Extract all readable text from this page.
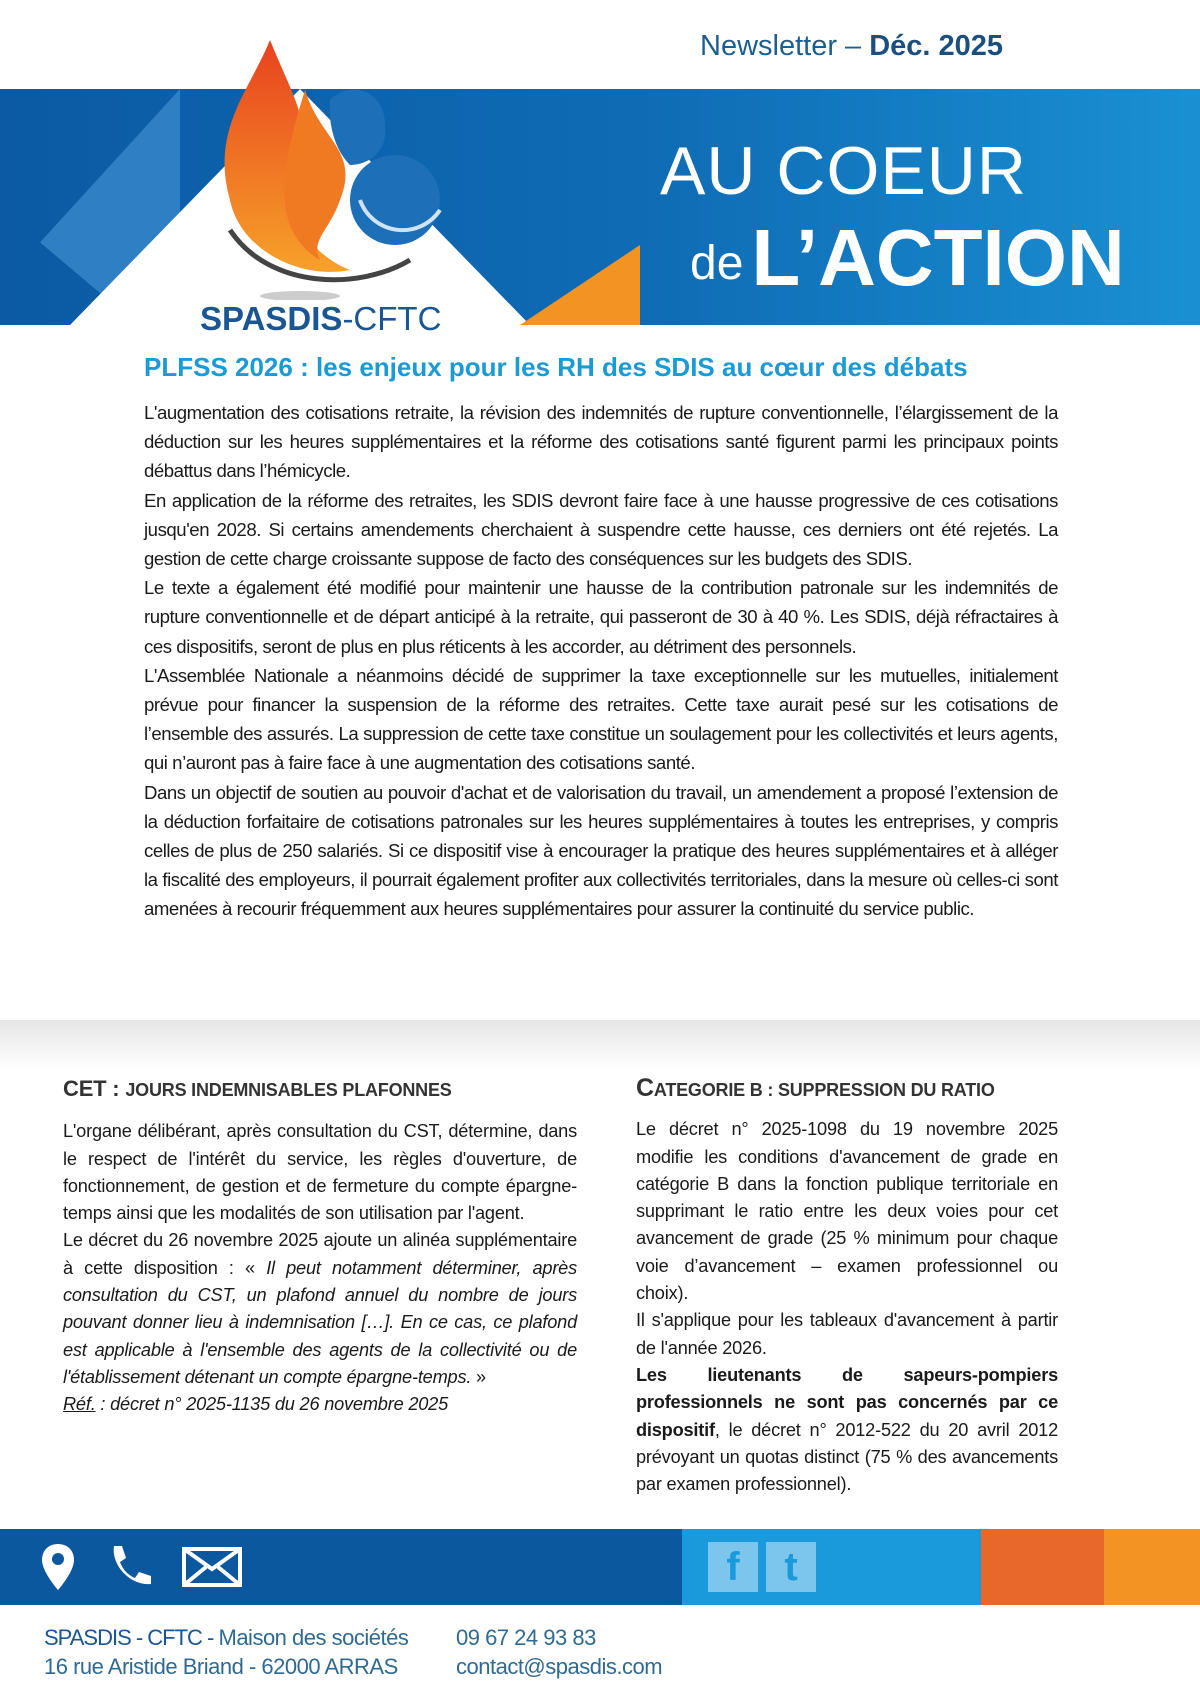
Newsletter – Déc. 2025
AU COEUR
de L’ACTION
SPASDIS-CFTC
PLFSS 2026 : les enjeux pour les RH des SDIS au cœur des débats

L'augmentation des cotisations retraite, la révision des indemnités de rupture conventionnelle, l’élargissement de la déduction sur les heures supplémentaires et la réforme des cotisations santé figurent parmi les principaux points débattus dans l’hémicycle.

En application de la réforme des retraites, les SDIS devront faire face à une hausse progressive de ces cotisations jusqu'en 2028. Si certains amendements cherchaient à suspendre cette hausse, ces derniers ont été rejetés. La gestion de cette charge croissante suppose de facto des conséquences sur les budgets des SDIS.

Le texte a également été modifié pour maintenir une hausse de la contribution patronale sur les indemnités de rupture conventionnelle et de départ anticipé à la retraite, qui passeront de 30 à 40 %. Les SDIS, déjà réfractaires à ces dispositifs, seront de plus en plus réticents à les accorder, au détriment des personnels.

L'Assemblée Nationale a néanmoins décidé de supprimer la taxe exceptionnelle sur les mutuelles, initialement prévue pour financer la suspension de la réforme des retraites. Cette taxe aurait pesé sur les cotisations de l’ensemble des assurés. La suppression de cette taxe constitue un soulagement pour les collectivités et leurs agents, qui n’auront pas à faire face à une augmentation des cotisations santé.

Dans un objectif de soutien au pouvoir d'achat et de valorisation du travail, un amendement a proposé l’extension de la déduction forfaitaire de cotisations patronales sur les heures supplémentaires à toutes les entreprises, y compris celles de plus de 250 salariés. Si ce dispositif vise à encourager la pratique des heures supplémentaires et à alléger la fiscalité des employeurs, il pourrait également profiter aux collectivités territoriales, dans la mesure où celles-ci sont amenées à recourir fréquemment aux heures supplémentaires pour assurer la continuité du service public.

CET : JOURS INDEMNISABLES PLAFONNES

L'organe délibérant, après consultation du CST, détermine, dans le respect de l'intérêt du service, les règles d'ouverture, de fonctionnement, de gestion et de fermeture du compte épargne-temps ainsi que les modalités de son utilisation par l'agent.

Le décret du 26 novembre 2025 ajoute un alinéa supplémentaire à cette disposition : « Il peut notamment déterminer, après consultation du CST, un plafond annuel du nombre de jours pouvant donner lieu à indemnisation […]. En ce cas, ce plafond est applicable à l'ensemble des agents de la collectivité ou de l'établissement détenant un compte épargne-temps. »

Réf. : décret n° 2025-1135 du 26 novembre 2025

CATEGORIE B : SUPPRESSION DU RATIO

Le décret n° 2025-1098 du 19 novembre 2025 modifie les conditions d'avancement de grade en catégorie B dans la fonction publique territoriale en supprimant le ratio entre les deux voies pour cet avancement de grade (25 % minimum pour chaque voie d’avancement – examen professionnel ou choix).

Il s'applique pour les tableaux d'avancement à partir de l'année 2026.

Les lieutenants de sapeurs-pompiers professionnels ne sont pas concernés par ce dispositif, le décret n° 2012-522 du 20 avril 2012 prévoyant un quotas distinct (75 % des avancements par examen professionnel).

f	t
SPASDIS - CFTC - Maison des sociétés
16 rue Aristide Briand - 62000 ARRAS
09 67 24 93 83
contact@spasdis.com
